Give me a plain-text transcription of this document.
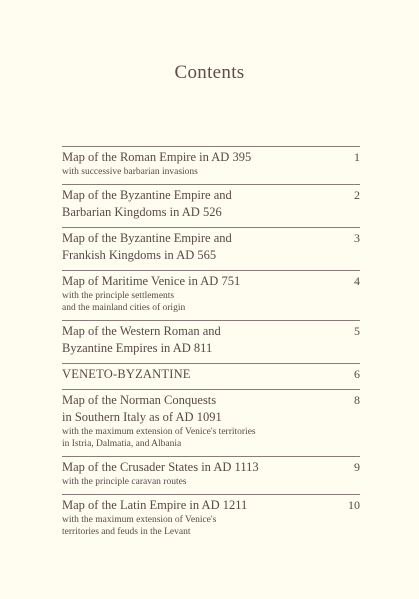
Contents
Map of the Roman Empire in AD 395	1
with successive barbarian invasions
Map of the Byzantine Empire and
Barbarian Kingdoms in AD 526
2
Map of the Byzantine Empire and
Frankish Kingdoms in AD 565
3
Map of Maritime Venice in AD 751	4
with the principle settlements
and the mainland cities of origin
Map of the Western Roman and
Byzantine Empires in AD 811
5
VENETO-BYZANTINE	6
Map of the Norman Conquests
in Southern Italy as of AD 1091
8
with the maximum extension of Venice's territories
in Istria, Dalmatia, and Albania
Map of the Crusader States in AD 1113	9
with the principle caravan routes
Map of the Latin Empire in AD 1211	10
with the maximum extension of Venice's
territories and feuds in the Levant
